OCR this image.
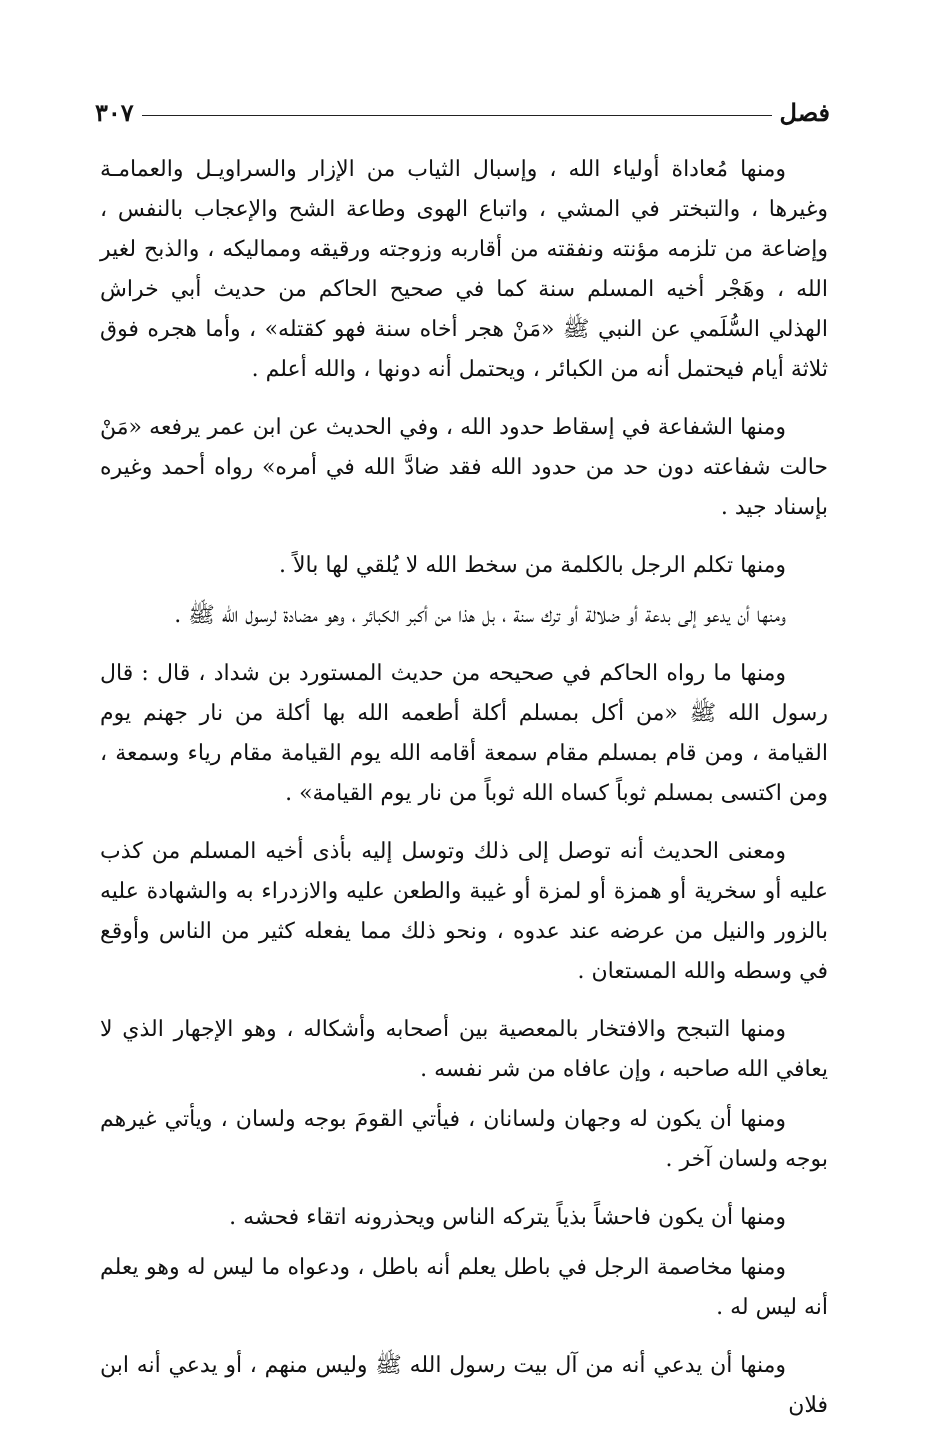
فصل
٣٠٧

ومنها مُعاداة أولياء الله ، وإسبال الثياب من الإزار والسراويـل والعمامـة وغيرها ، والتبختر في المشي ، واتباع الهوى وطاعة الشح والإعجاب بالنفس ، وإضاعة من تلزمه مؤنته ونفقته من أقاربه وزوجته ورقيقه ومماليكه ، والذبح لغير الله ، وهَجْر أخيه المسلم سنة كما في صحيح الحاكم من حديث أبي خراش الهذلي السُّلَمي عن النبي ﷺ «مَنْ هجر أخاه سنة فهو كقتله» ، وأما هجره فوق ثلاثة أيام فيحتمل أنه من الكبائر ، ويحتمل أنه دونها ، والله أعلم .

ومنها الشفاعة في إسقاط حدود الله ، وفي الحديث عن ابن عمر يرفعه «مَنْ حالت شفاعته دون حد من حدود الله فقد ضادَّ الله في أمره» رواه أحمد وغيره بإسناد جيد .

ومنها تكلم الرجل بالكلمة من سخط الله لا يُلقي لها بالاً .

ومنها أن يدعو إلى بدعة أو ضلالة أو ترك سنة ، بل هذا من أكبر الكبائر ، وهو مضادة لرسول الله ﷺ .

ومنها ما رواه الحاكم في صحيحه من حديث المستورد بن شداد ، قال : قال رسول الله ﷺ «من أكل بمسلم أكلة أطعمه الله بها أكلة من نار جهنم يوم القيامة ، ومن قام بمسلم مقام سمعة أقامه الله يوم القيامة مقام رياء وسمعة ، ومن اكتسى بمسلم ثوباً كساه الله ثوباً من نار يوم القيامة» .

ومعنى الحديث أنه توصل إلى ذلك وتوسل إليه بأذى أخيه المسلم من كذب عليه أو سخرية أو همزة أو لمزة أو غيبة والطعن عليه والازدراء به والشهادة عليه بالزور والنيل من عرضه عند عدوه ، ونحو ذلك مما يفعله كثير من الناس وأوقع في وسطه والله المستعان .

ومنها التبجح والافتخار بالمعصية بين أصحابه وأشكاله ، وهو الإجهار الذي لا يعافي الله صاحبه ، وإن عافاه من شر نفسه .

ومنها أن يكون له وجهان ولسانان ، فيأتي القومَ بوجه ولسان ، ويأتي غيرهم بوجه ولسان آخر .

ومنها أن يكون فاحشاً بذياً يتركه الناس ويحذرونه اتقاء فحشه .

ومنها مخاصمة الرجل في باطل يعلم أنه باطل ، ودعواه ما ليس له وهو يعلم أنه ليس له .

ومنها أن يدعي أنه من آل بيت رسول الله ﷺ وليس منهم ، أو يدعي أنه ابن فلان
